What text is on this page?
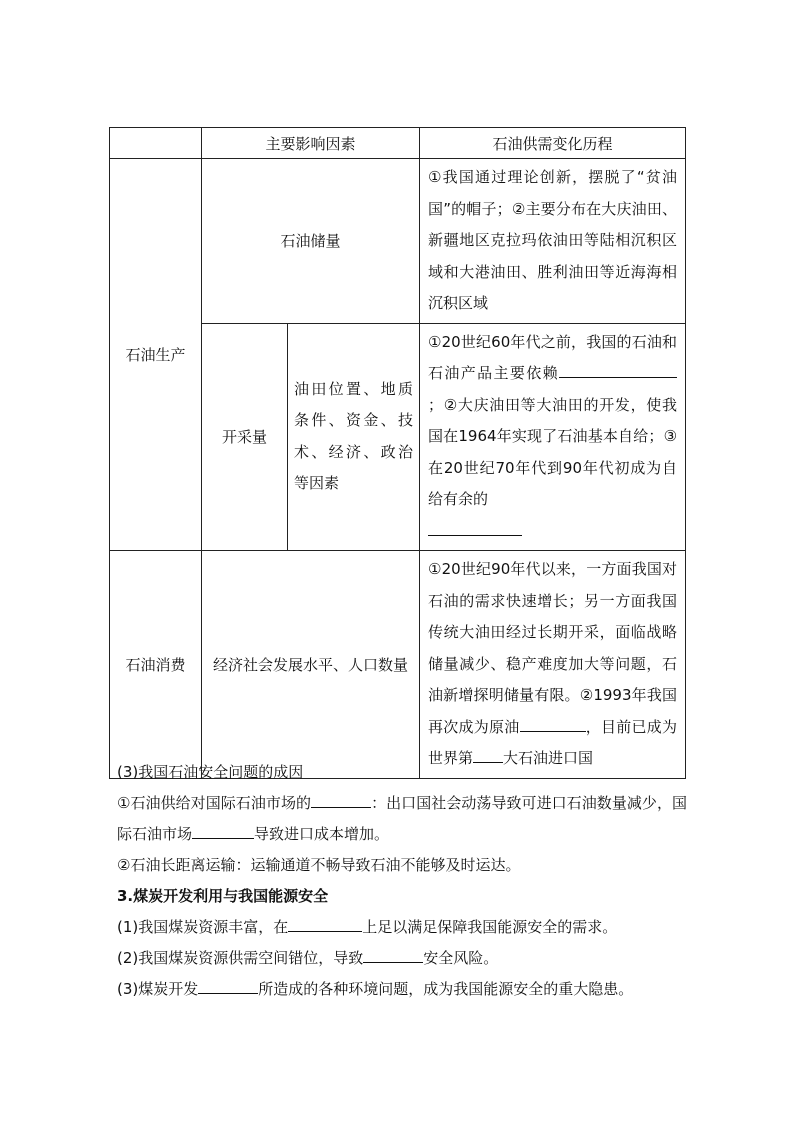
	主要影响因素		石油供需变化历程
石油生产	石油储量		①我国通过理论创新，摆脱了“贫油国”的帽子；②主要分布在大庆油田、新疆地区克拉玛依油田等陆相沉积区域和大港油田、胜利油田等近海海相沉积区域

	开采量	油田位置、地质条件、资金、技术、经济、政治等因素	①20世纪60年代之前，我国的石油和石油产品主要依赖；②大庆油田等大油田的开发，使我国在1964年实现了石油基本自给；③在20世纪70年代到90年代初成为自给有余的

石油消费	经济社会发展水平、人口数量		①20世纪90年代以来，一方面我国对石油的需求快速增长；另一方面我国传统大油田经过长期开采，面临战略储量减少、稳产难度加大等问题，石油新增探明储量有限。②1993年我国再次成为原油 ，目前已成为世界第 大石油进口国

(3)我国石油安全问题的成因

①石油供给对国际石油市场的	：出口国社会动荡导致可进口石油数量减少，国际石油市场	导致进口成本增加。

②石油长距离运输：运输通道不畅导致石油不能够及时运达。

3.煤炭开发利用与我国能源安全

(1)我国煤炭资源丰富，在	上足以满足保障我国能源安全的需求。

(2)我国煤炭资源供需空间错位，导致	安全风险。

(3)煤炭开发	所造成的各种环境问题，成为我国能源安全的重大隐患。
